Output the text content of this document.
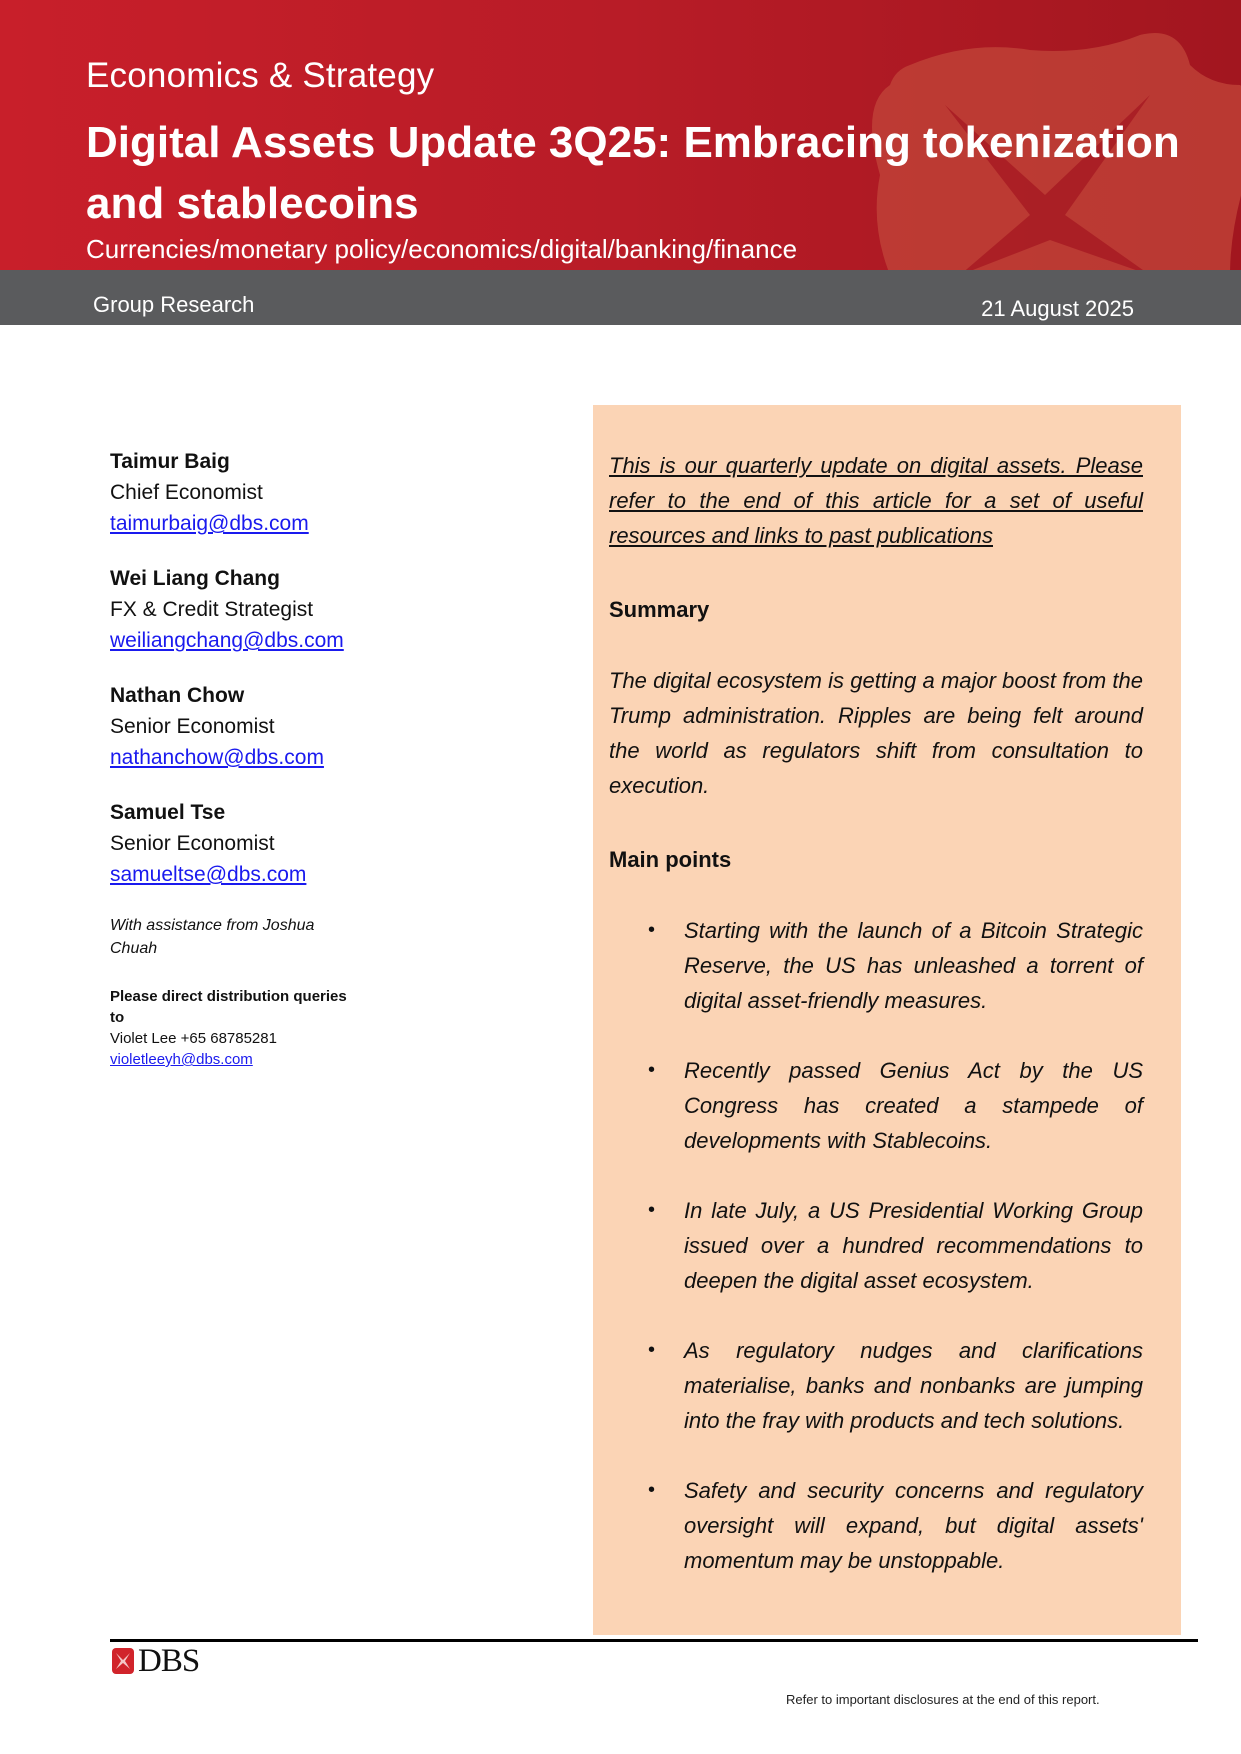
Economics & Strategy
Digital Assets Update 3Q25: Embracing tokenization and stablecoins
Currencies/monetary policy/economics/digital/banking/finance
Group Research	21 August 2025
Taimur Baig
Chief Economist
taimurbaig@dbs.com
Wei Liang Chang
FX & Credit Strategist
weiliangchang@dbs.com
Nathan Chow
Senior Economist
nathanchow@dbs.com
Samuel Tse
Senior Economist
samueltse@dbs.com
With assistance from Joshua Chuah
Please direct distribution queries to
Violet Lee +65 68785281
violetleeyh@dbs.com

This is our quarterly update on digital assets. Please refer to the end of this article for a set of useful resources and links to past publications

Summary
The digital ecosystem is getting a major boost from the Trump administration. Ripples are being felt around the world as regulators shift from consultation to execution.
Main points
• Starting with the launch of a Bitcoin Strategic Reserve, the US has unleashed a torrent of digital asset-friendly measures.
• Recently passed Genius Act by the US Congress has created a stampede of developments with Stablecoins.
• In late July, a US Presidential Working Group issued over a hundred recommendations to deepen the digital asset ecosystem.
• As regulatory nudges and clarifications materialise, banks and nonbanks are jumping into the fray with products and tech solutions.
• Safety and security concerns and regulatory oversight will expand, but digital assets' momentum may be unstoppable.
DBS
Refer to important disclosures at the end of this report.
